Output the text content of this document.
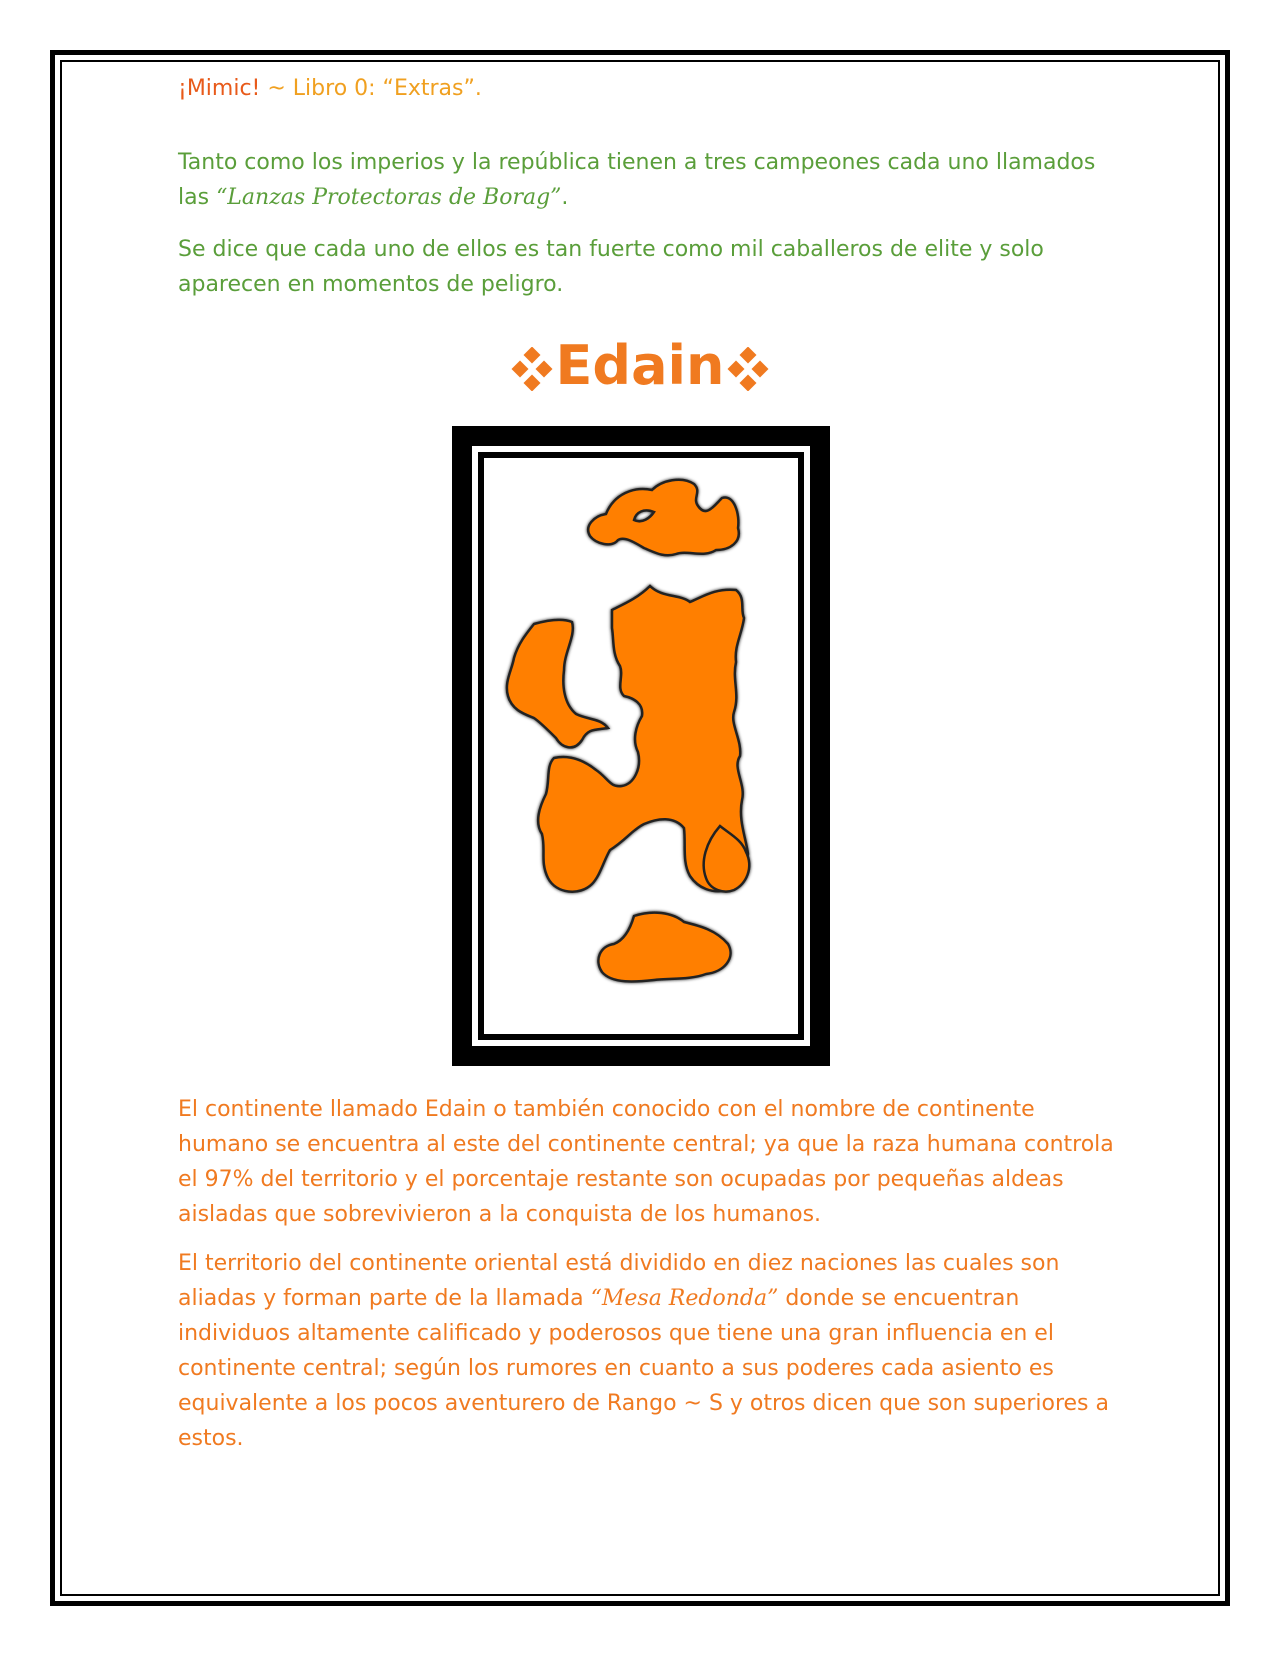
¡Mimic! ~ Libro 0: “Extras”.

Tanto como los imperios y la república tienen a tres campeones cada uno llamados las “Lanzas Protectoras de Borag”.

Se dice que cada uno de ellos es tan fuerte como mil caballeros de elite y solo aparecen en momentos de peligro.

Edain

El continente llamado Edain o también conocido con el nombre de continente humano se encuentra al este del continente central; ya que la raza humana controla el 97% del territorio y el porcentaje restante son ocupadas por pequeñas aldeas aisladas que sobrevivieron a la conquista de los humanos.

El territorio del continente oriental está dividido en diez naciones las cuales son aliadas y forman parte de la llamada “Mesa Redonda” donde se encuentran individuos altamente calificado y poderosos que tiene una gran influencia en el continente central; según los rumores en cuanto a sus poderes cada asiento es equivalente a los pocos aventurero de Rango ~ S y otros dicen que son superiores a estos.
